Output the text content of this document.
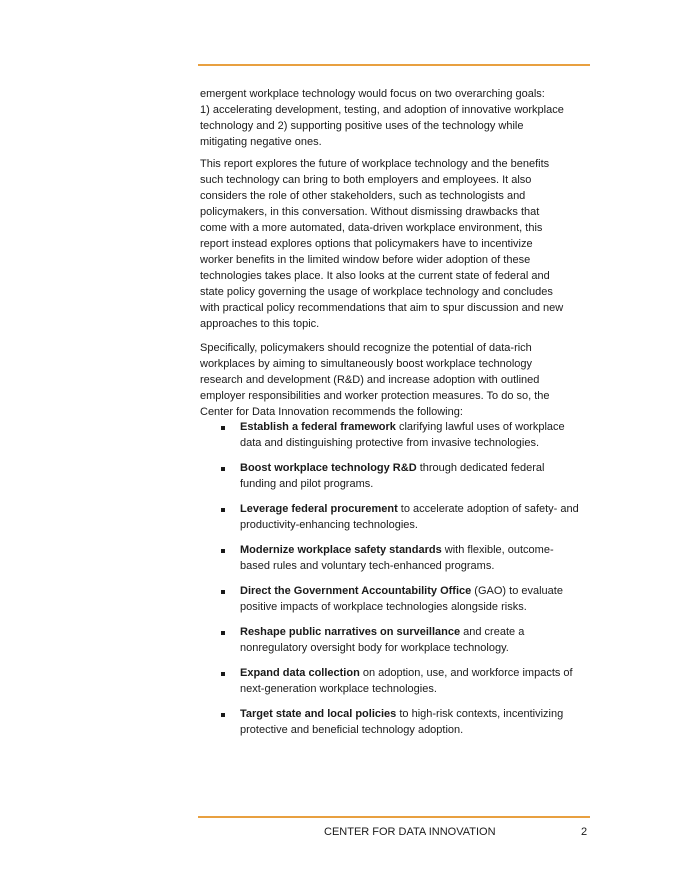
emergent workplace technology would focus on two overarching goals:
1) accelerating development, testing, and adoption of innovative workplace
technology and 2) supporting positive uses of the technology while
mitigating negative ones.
This report explores the future of workplace technology and the benefits
such technology can bring to both employers and employees. It also
considers the role of other stakeholders, such as technologists and
policymakers, in this conversation. Without dismissing drawbacks that
come with a more automated, data-driven workplace environment, this
report instead explores options that policymakers have to incentivize
worker benefits in the limited window before wider adoption of these
technologies takes place. It also looks at the current state of federal and
state policy governing the usage of workplace technology and concludes
with practical policy recommendations that aim to spur discussion and new
approaches to this topic.
Specifically, policymakers should recognize the potential of data-rich
workplaces by aiming to simultaneously boost workplace technology
research and development (R&D) and increase adoption with outlined
employer responsibilities and worker protection measures. To do so, the
Center for Data Innovation recommends the following:
Establish a federal framework clarifying lawful uses of workplace
data and distinguishing protective from invasive technologies.
Boost workplace technology R&D through dedicated federal
funding and pilot programs.
Leverage federal procurement to accelerate adoption of safety- and
productivity-enhancing technologies.
Modernize workplace safety standards with flexible, outcome-
based rules and voluntary tech-enhanced programs.
Direct the Government Accountability Office (GAO) to evaluate
positive impacts of workplace technologies alongside risks.
Reshape public narratives on surveillance and create a
nonregulatory oversight body for workplace technology.
Expand data collection on adoption, use, and workforce impacts of
next-generation workplace technologies.
Target state and local policies to high-risk contexts, incentivizing
protective and beneficial technology adoption.
CENTER FOR DATA INNOVATION	2
